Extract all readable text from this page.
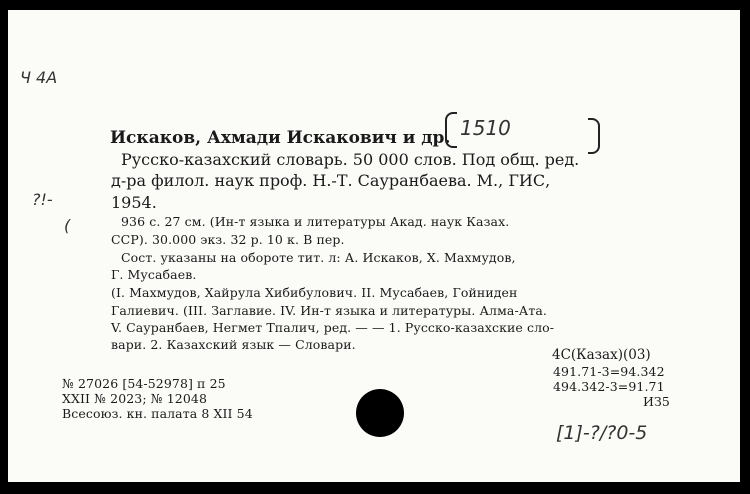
Ч 4А
?!-
(
Искаков, Ахмади Искакович и др. 1510
Русско-казахский словарь. 50 000 слов. Под общ. ред.
д-ра филол. наук проф. Н.-Т. Сауранбаева. М., ГИС,
1954.
936 с. 27 см. (Ин-т языка и литературы Акад. наук Казах.
ССР). 30.000 экз. 32 р. 10 к. В пер.
Сост. указаны на обороте тит. л: А. Искаков, Х. Махмудов,
Г. Мусабаев.
(I. Махмудов, Хайрула Хибибулович. II. Мусабаев, Гойниден
Галиевич. (III. Заглавие. IV. Ин-т языка и литературы. Алма-Ата.
V. Сауранбаев, Негмет Тпалич, ред. — — 1. Русско-казахские сло-
вари. 2. Казахский язык — Словари.
4С(Казах)(03)
491.71-3=94.342
494.342-3=91.71
ИЗ5
№ 27026 [54-52978] п 25
XXII № 2023; № 12048
Всесоюз. кн. палата 8 XII 54
[1]-?/?0-5
